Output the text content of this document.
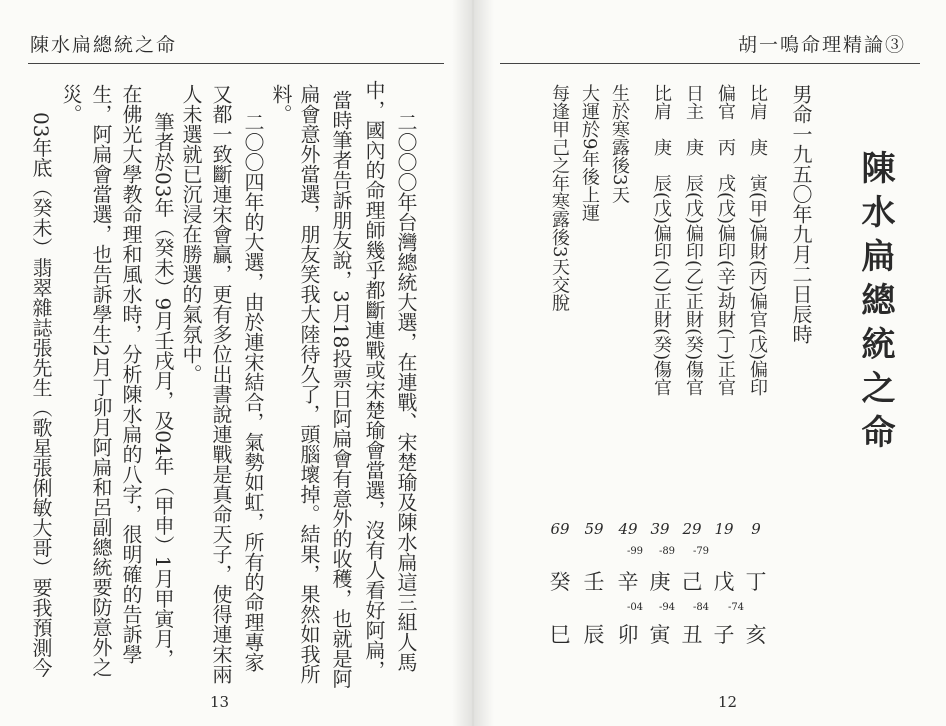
陳水扁總統之命
二〇〇〇年台灣總統大選，在連戰、宋楚瑜及陳水扁這三組人馬
中，國內的命理師幾乎都斷連戰或宋楚瑜會當選，沒有人看好阿扁，
當時筆者告訴朋友說，3月18投票日阿扁會有意外的收穫，也就是阿
扁會意外當選，朋友笑我大陸待久了，頭腦壞掉。結果，果然如我所
料。
二〇〇四年的大選，由於連宋結合，氣勢如虹，所有的命理專家
又都一致斷連宋會贏，更有多位出書說連戰是真命天子，使得連宋兩
人未選就已沉浸在勝選的氣氛中。
筆者於03年（癸未）9月壬戌月，及04年（甲申）1月甲寅月，
在佛光大學教命理和風水時，分析陳水扁的八字，很明確的告訴學
生，阿扁會當選，也告訴學生2月丁卯月阿扁和呂副總統要防意外之
災。
03年底（癸未）翡翠雜誌張先生（歌星張俐敏大哥）要我預測今
13
胡一鳴命理精論③
陳水扁總統之命
男命一九五〇年九月二日辰時
比肩　庚　寅(甲)偏財(丙)偏官(戊)偏印
偏官　丙　戌(戊)偏印(辛)劫財(丁)正官
日主　庚　辰(戊)偏印(乙)正財(癸)傷官
比肩　庚　辰(戊)偏印(乙)正財(癸)傷官
生於寒露後3天
大運於9年後上運
每逢甲己之年寒露後3天交脫
9
丁
亥
19
戊
-74
子
29
-79
己
-84
丑
39
-89
庚
-94
寅
49
-99
辛
-04
卯
59
壬
辰
69
癸
巳
12
